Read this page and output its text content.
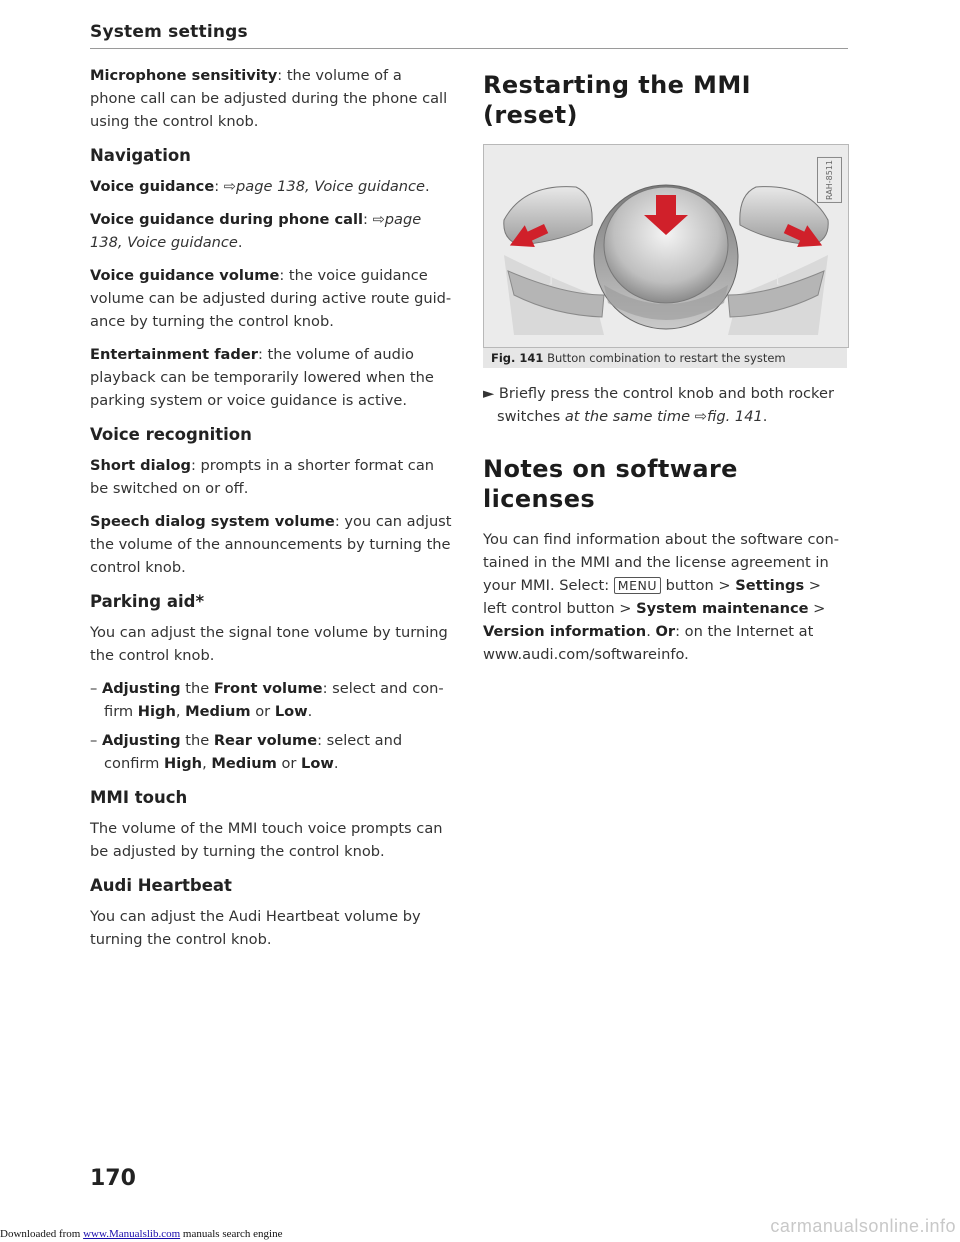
System settings

Microphone sensitivity: the volume of a phone call can be adjusted during the phone call using the control knob.

Navigation

Voice guidance: ⇨page 138, Voice guidance.

Voice guidance during phone call: ⇨page 138, Voice guidance.

Voice guidance volume: the voice guidance volume can be adjusted during active route guidance by turning the control knob.

Entertainment fader: the volume of audio playback can be temporarily lowered when the parking system or voice guidance is active.

Voice recognition

Short dialog: prompts in a shorter format can be switched on or off.

Speech dialog system volume: you can adjust the volume of the announcements by turning the control knob.

Parking aid*

You can adjust the signal tone volume by turning the control knob.

– Adjusting the Front volume: select and confirm High, Medium or Low.
– Adjusting the Rear volume: select and confirm High, Medium or Low.
MMI touch

The volume of the MMI touch voice prompts can be adjusted by turning the control knob.

Audi Heartbeat

You can adjust the Audi Heartbeat volume by turning the control knob.

Restarting the MMI (reset)
]	[
RAH-8511
Fig. 141 Button combination to restart the system
► Briefly press the control knob and both rocker switches at the same time ⇨fig. 141.
Notes on software licenses

You can find information about the software contained in the MMI and the license agreement in your MMI. Select: MENU button > Settings > left control button > System maintenance > Version information. Or: on the Internet at www.audi.com/softwareinfo.

170
Downloaded from www.Manualslib.com manuals search engine	carmanualsonline.info
